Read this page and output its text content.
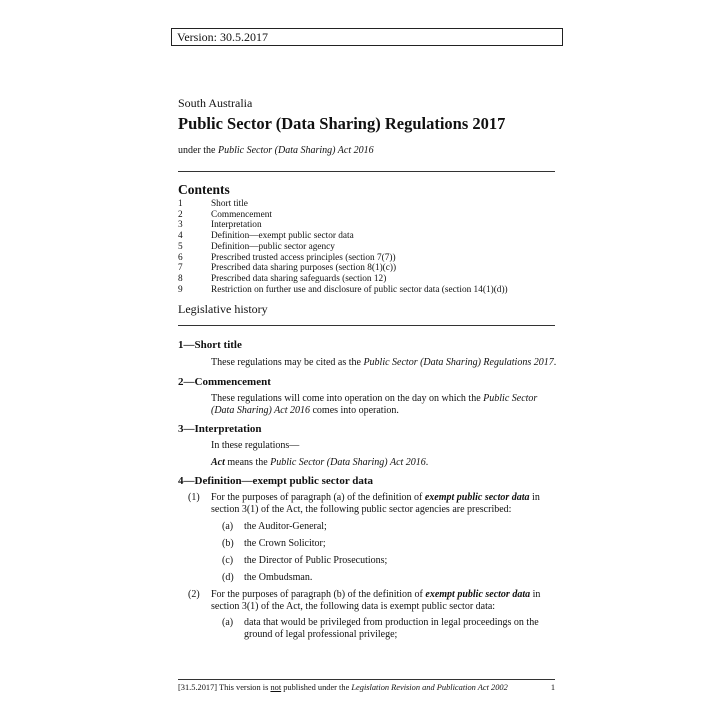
Version: 30.5.2017
South Australia
Public Sector (Data Sharing) Regulations 2017
under the Public Sector (Data Sharing) Act 2016
Contents
1	Short title
2	Commencement
3	Interpretation
4	Definition—exempt public sector data
5	Definition—public sector agency
6	Prescribed trusted access principles (section 7(7))
7	Prescribed data sharing purposes (section 8(1)(c))
8	Prescribed data sharing safeguards (section 12)
9	Restriction on further use and disclosure of public sector data (section 14(1)(d))
Legislative history
1—Short title
These regulations may be cited as the Public Sector (Data Sharing) Regulations 2017.
2—Commencement
These regulations will come into operation on the day on which the Public Sector
(Data Sharing) Act 2016 comes into operation.
3—Interpretation
In these regulations—
Act means the Public Sector (Data Sharing) Act 2016.
4—Definition—exempt public sector data
(1) For the purposes of paragraph (a) of the definition of exempt public sector data in
section 3(1) of the Act, the following public sector agencies are prescribed:
(a) the Auditor-General;
(b) the Crown Solicitor;
(c) the Director of Public Prosecutions;
(d) the Ombudsman.
(2) For the purposes of paragraph (b) of the definition of exempt public sector data in
section 3(1) of the Act, the following data is exempt public sector data:
(a) data that would be privileged from production in legal proceedings on the
ground of legal professional privilege;
[31.5.2017] This version is not published under the Legislation Revision and Publication Act 2002	1
